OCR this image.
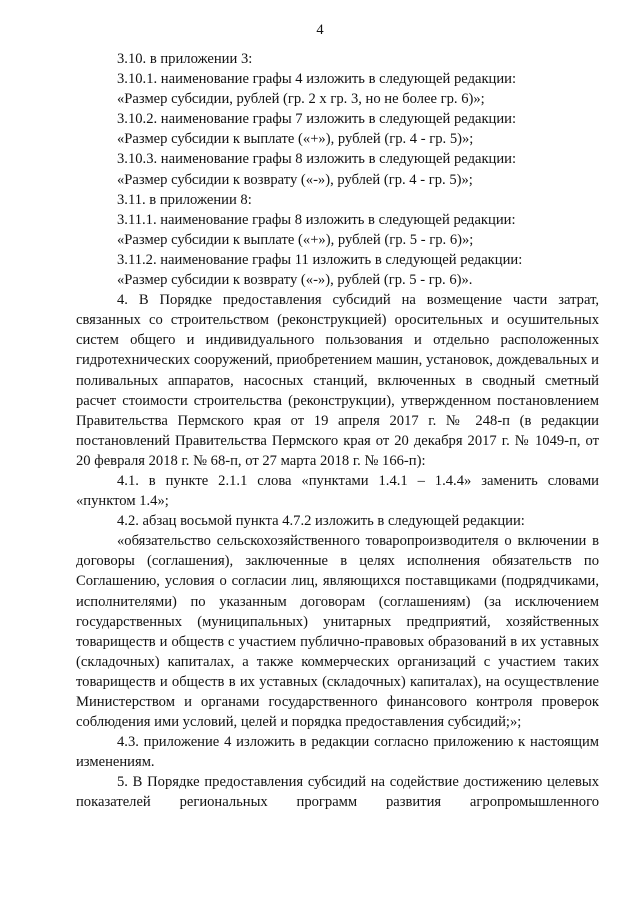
4

3.10. в приложении 3:

3.10.1. наименование графы 4 изложить в следующей редакции:

«Размер субсидии, рублей (гр. 2 х гр. 3, но не более гр. 6)»;

3.10.2. наименование графы 7 изложить в следующей редакции:

«Размер субсидии к выплате («+»), рублей (гр. 4 - гр. 5)»;

3.10.3. наименование графы 8 изложить в следующей редакции:

«Размер субсидии к возврату («-»), рублей (гр. 4 - гр. 5)»;

3.11. в приложении 8:

3.11.1. наименование графы 8 изложить в следующей редакции:

«Размер субсидии к выплате («+»), рублей (гр. 5 - гр. 6)»;

3.11.2. наименование графы 11 изложить в следующей редакции:

«Размер субсидии к возврату («-»), рублей (гр. 5 - гр. 6)».

4. В Порядке предоставления субсидий на возмещение части затрат, связанных со строительством (реконструкцией) оросительных и осушительных систем общего и индивидуального пользования и отдельно расположенных гидротехнических сооружений, приобретением машин, установок, дождевальных и поливальных аппаратов, насосных станций, включенных в сводный сметный расчет стоимости строительства (реконструкции), утвержденном постановлением Правительства Пермского края от 19 апреля 2017 г. № 248-п (в редакции постановлений Правительства Пермского края от 20 декабря 2017 г. № 1049-п, от 20 февраля 2018 г. № 68-п, от 27 марта 2018 г. № 166-п):

4.1. в пункте 2.1.1 слова «пунктами 1.4.1 – 1.4.4» заменить словами «пунктом 1.4»;

4.2. абзац восьмой пункта 4.7.2 изложить в следующей редакции:

«обязательство сельскохозяйственного товаропроизводителя о включении в договоры (соглашения), заключенные в целях исполнения обязательств по Соглашению, условия о согласии лиц, являющихся поставщиками (подрядчиками, исполнителями) по указанным договорам (соглашениям) (за исключением государственных (муниципальных) унитарных предприятий, хозяйственных товариществ и обществ с участием публично-правовых образований в их уставных (складочных) капиталах, а также коммерческих организаций с участием таких товариществ и обществ в их уставных (складочных) капиталах), на осуществление Министерством и органами государственного финансового контроля проверок соблюдения ими условий, целей и порядка предоставления субсидий;»;

4.3. приложение 4 изложить в редакции согласно приложению к настоящим изменениям.

5. В Порядке предоставления субсидий на содействие достижению целевых показателей региональных программ развития агропромышленного
